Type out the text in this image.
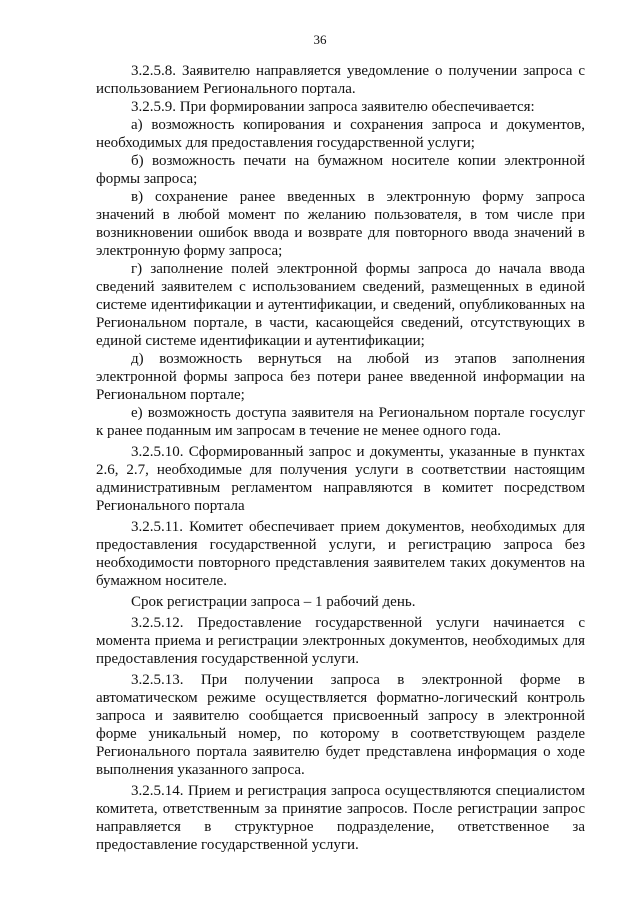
36

3.2.5.8. Заявителю направляется уведомление о получении запроса с использованием Регионального портала.

3.2.5.9. При формировании запроса заявителю обеспечивается:

а) возможность копирования и сохранения запроса и документов, необходимых для предоставления государственной услуги;

б) возможность печати на бумажном носителе копии электронной формы запроса;

в) сохранение ранее введенных в электронную форму запроса значений в любой момент по желанию пользователя, в том числе при возникновении ошибок ввода и возврате для повторного ввода значений в электронную форму запроса;

г) заполнение полей электронной формы запроса до начала ввода сведений заявителем с использованием сведений, размещенных в единой системе идентификации и аутентификации, и сведений, опубликованных на Региональном портале, в части, касающейся сведений, отсутствующих в единой системе идентификации и аутентификации;

д) возможность вернуться на любой из этапов заполнения электронной формы запроса без потери ранее введенной информации на Региональном портале;

е) возможность доступа заявителя на Региональном портале госуслуг к ранее поданным им запросам в течение не менее одного года.

3.2.5.10. Сформированный запрос и документы, указанные в пунктах 2.6, 2.7, необходимые для получения услуги в соответствии настоящим административным регламентом направляются в комитет посредством Регионального портала

3.2.5.11. Комитет обеспечивает прием документов, необходимых для предоставления государственной услуги, и регистрацию запроса без необходимости повторного представления заявителем таких документов на бумажном носителе.

Срок регистрации запроса – 1 рабочий день.

3.2.5.12. Предоставление государственной услуги начинается с момента приема и регистрации электронных документов, необходимых для предоставления государственной услуги.

3.2.5.13. При получении запроса в электронной форме в автоматическом режиме осуществляется форматно-логический контроль запроса и заявителю сообщается присвоенный запросу в электронной форме уникальный номер, по которому в соответствующем разделе Регионального портала заявителю будет представлена информация о ходе выполнения указанного запроса.

3.2.5.14. Прием и регистрация запроса осуществляются специалистом комитета, ответственным за принятие запросов. После регистрации запрос направляется в структурное подразделение, ответственное за предоставление государственной услуги.
